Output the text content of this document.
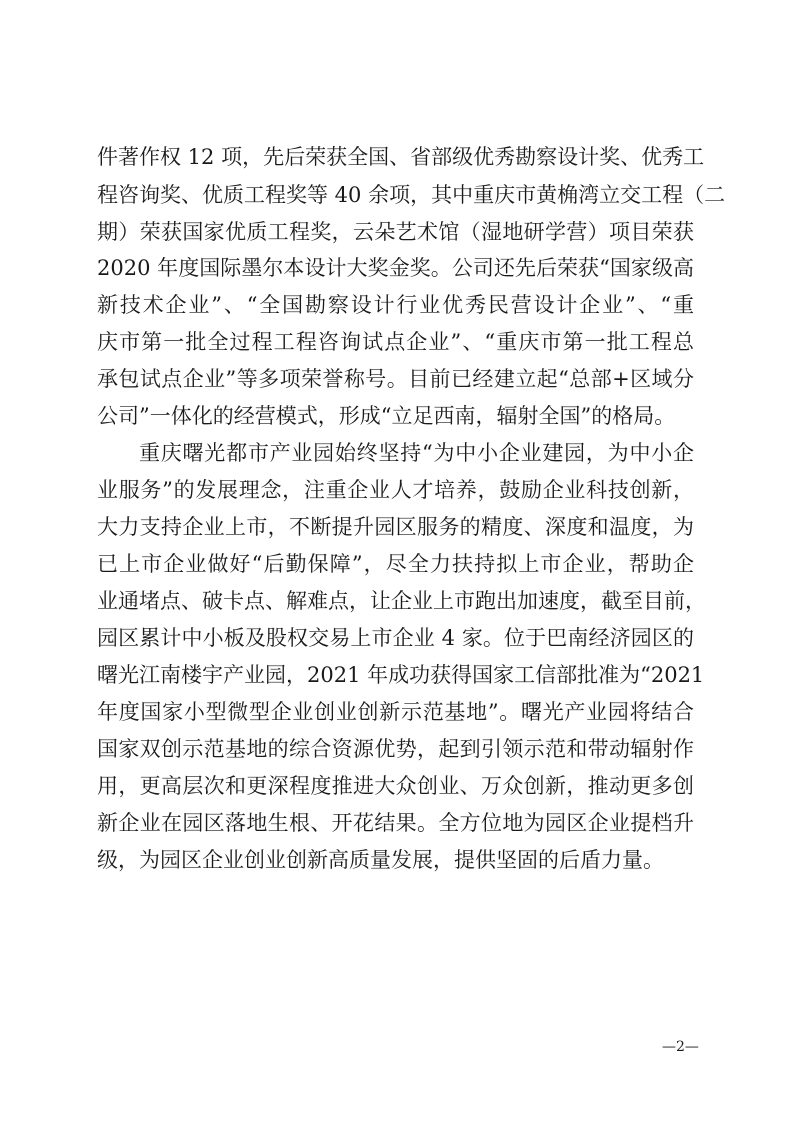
件著作权 12 项，先后荣获全国、省部级优秀勘察设计奖、优秀工

程咨询奖、优质工程奖等 40 余项，其中重庆市黄桷湾立交工程（二

期）荣获国家优质工程奖，云朵艺术馆（湿地研学营）项目荣获

2020 年度国际墨尔本设计大奖金奖。公司还先后荣获“国家级高

新技术企业”、“全国勘察设计行业优秀民营设计企业”、“重

庆市第一批全过程工程咨询试点企业”、“重庆市第一批工程总

承包试点企业”等多项荣誉称号。目前已经建立起“总部+区域分

公司”一体化的经营模式，形成“立足西南，辐射全国”的格局。

重庆曙光都市产业园始终坚持“为中小企业建园，为中小企

业服务”的发展理念，注重企业人才培养，鼓励企业科技创新，

大力支持企业上市，不断提升园区服务的精度、深度和温度，为

已上市企业做好“后勤保障”，尽全力扶持拟上市企业，帮助企

业通堵点、破卡点、解难点，让企业上市跑出加速度，截至目前，

园区累计中小板及股权交易上市企业 4 家。位于巴南经济园区的

曙光江南楼宇产业园，2021 年成功获得国家工信部批准为“2021

年度国家小型微型企业创业创新示范基地”。曙光产业园将结合

国家双创示范基地的综合资源优势，起到引领示范和带动辐射作

用，更高层次和更深程度推进大众创业、万众创新，推动更多创

新企业在园区落地生根、开花结果。全方位地为园区企业提档升

级，为园区企业创业创新高质量发展，提供坚固的后盾力量。

—2—
